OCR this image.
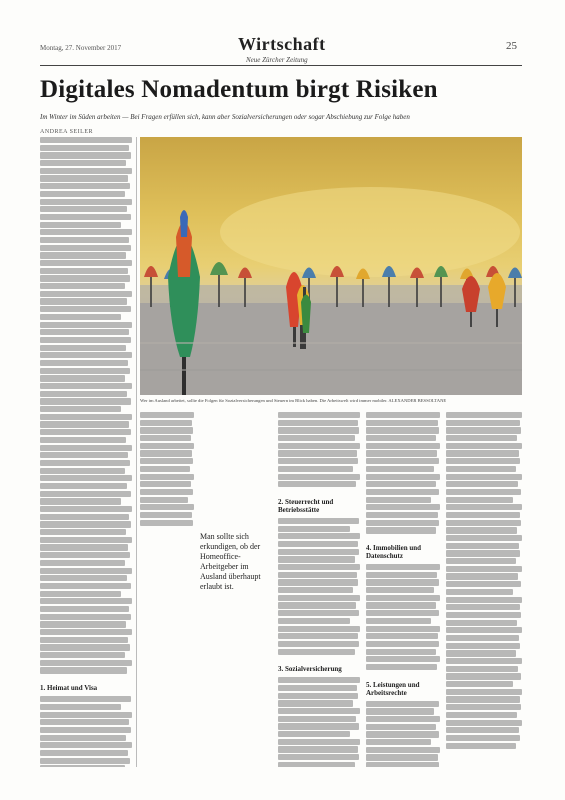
Montag, 27. November 2017	Wirtschaft
Neue Zürcher Zeitung
25
Digitales Nomadentum birgt Risiken
Im Winter im Süden arbeiten — Bei Fragen erfüllen sich, kann aber Sozialversicherungen oder sogar Abschiebung zur Folge haben
ANDREA SEILER
Wer im Ausland arbeitet, sollte die Folgen für Sozialversicherungen und Steuern im Blick haben. Die Arbeitswelt wird immer mobiler. ALEXANDER BESSOLTANE
1. Heimat und Visa
Man sollte sich erkundigen, ob der Homeoffice-Arbeitgeber im Ausland überhaupt erlaubt ist.
2. Steuerrecht und Betriebsstätte
3. Sozialversicherung
4. Immobilien und Datenschutz
5. Leistungen und Arbeitsrechte
